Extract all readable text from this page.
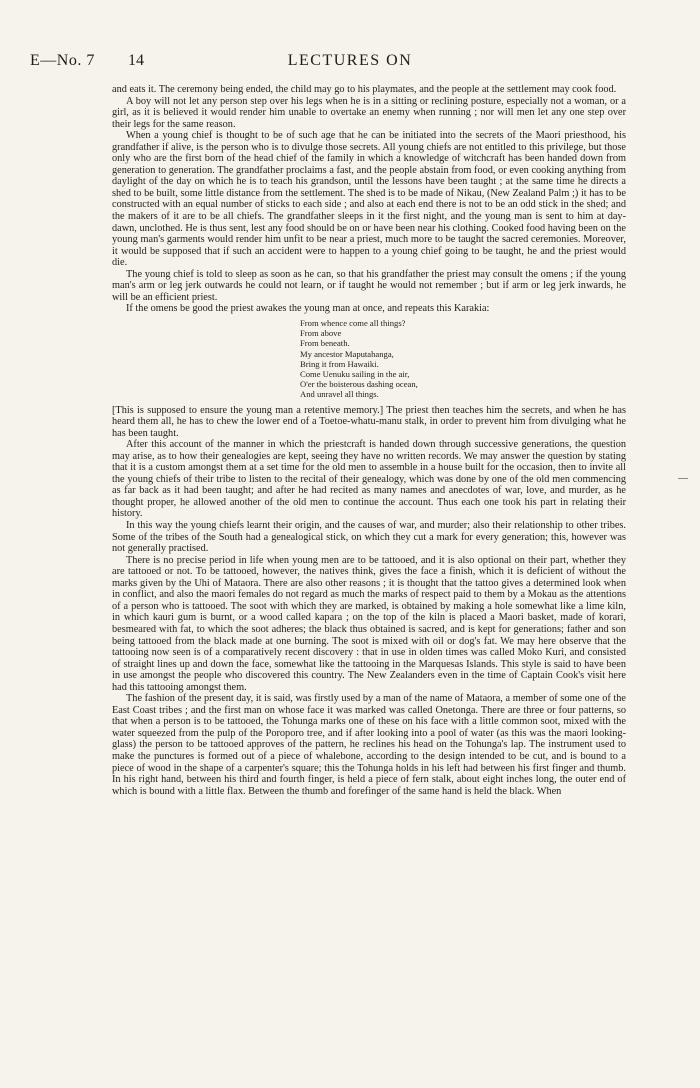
E—No. 7 14	LECTURES ON

and eats it. The ceremony being ended, the child may go to his playmates, and the people at the settlement may cook food.

A boy will not let any person step over his legs when he is in a sitting or reclining posture, especially not a woman, or a girl, as it is believed it would render him unable to overtake an enemy when running ; nor will men let any one step over their legs for the same reason.

When a young chief is thought to be of such age that he can be initiated into the secrets of the Maori priesthood, his grandfather if alive, is the person who is to divulge those secrets. All young chiefs are not entitled to this privilege, but those only who are the first born of the head chief of the family in which a knowledge of witchcraft has been handed down from generation to generation. The grandfather proclaims a fast, and the people abstain from food, or even cooking anything from daylight of the day on which he is to teach his grandson, until the lessons have been taught ; at the same time he directs a shed to be built, some little distance from the settlement. The shed is to be made of Nikau, (New Zealand Palm ;) it has to be constructed with an equal number of sticks to each side ; and also at each end there is not to be an odd stick in the shed; and the makers of it are to be all chiefs. The grandfather sleeps in it the first night, and the young man is sent to him at day-dawn, unclothed. He is thus sent, lest any food should be on or have been near his clothing. Cooked food having been on the young man's garments would render him unfit to be near a priest, much more to be taught the sacred ceremonies. Moreover, it would be supposed that if such an accident were to happen to a young chief going to be taught, he and the priest would die.

The young chief is told to sleep as soon as he can, so that his grandfather the priest may consult the omens ; if the young man's arm or leg jerk outwards he could not learn, or if taught he would not remember ; but if arm or leg jerk inwards, he will be an efficient priest.

If the omens be good the priest awakes the young man at once, and repeats this Karakia:

From whence come all things?
From above
From beneath.
My ancestor Maputahanga,
Bring it from Hawaiki.
Come Uenuku sailing in the air,
O'er the boisterous dashing ocean,
And unravel all things.

[This is supposed to ensure the young man a retentive memory.] The priest then teaches him the secrets, and when he has heard them all, he has to chew the lower end of a Toetoe-whatu-manu stalk, in order to prevent him from divulging what he has been taught.

After this account of the manner in which the priestcraft is handed down through successive generations, the question may arise, as to how their genealogies are kept, seeing they have no written records. We may answer the question by stating that it is a custom amongst them at a set time for the old men to assemble in a house built for the occasion, then to invite all the young chiefs of their tribe to listen to the recital of their genealogy, which was done by one of the old men commencing as far back as it had been taught; and after he had recited as many names and anecdotes of war, love, and murder, as he thought proper, he allowed another of the old men to continue the account. Thus each one took his part in relating their history.

In this way the young chiefs learnt their origin, and the causes of war, and murder; also their relationship to other tribes. Some of the tribes of the South had a genealogical stick, on which they cut a mark for every generation; this, however was not generally practised.

There is no precise period in life when young men are to be tattooed, and it is also optional on their part, whether they are tattooed or not. To be tattooed, however, the natives think, gives the face a finish, which it is deficient of without the marks given by the Uhi of Mataora. There are also other reasons ; it is thought that the tattoo gives a determined look when in conflict, and also the maori females do not regard as much the marks of respect paid to them by a Mokau as the attentions of a person who is tattooed. The soot with which they are marked, is obtained by making a hole somewhat like a lime kiln, in which kauri gum is burnt, or a wood called kapara ; on the top of the kiln is placed a Maori basket, made of korari, besmeared with fat, to which the soot adheres; the black thus obtained is sacred, and is kept for generations; father and son being tattooed from the black made at one burning. The soot is mixed with oil or dog's fat. We may here observe that the tattooing now seen is of a comparatively recent discovery : that in use in olden times was called Moko Kuri, and consisted of straight lines up and down the face, somewhat like the tattooing in the Marquesas Islands. This style is said to have been in use amongst the people who discovered this country. The New Zealanders even in the time of Captain Cook's visit here had this tattooing amongst them.

The fashion of the present day, it is said, was firstly used by a man of the name of Mataora, a member of some one of the East Coast tribes ; and the first man on whose face it was marked was called Onetonga. There are three or four patterns, so that when a person is to be tattooed, the Tohunga marks one of these on his face with a little common soot, mixed with the water squeezed from the pulp of the Poroporo tree, and if after looking into a pool of water (as this was the maori looking-glass) the person to be tattooed approves of the pattern, he reclines his head on the Tohunga's lap. The instrument used to make the punctures is formed out of a piece of whalebone, according to the design intended to be cut, and is bound to a piece of wood in the shape of a carpenter's square; this the Tohunga holds in his left had between his first finger and thumb. In his right hand, between his third and fourth finger, is held a piece of fern stalk, about eight inches long, the outer end of which is bound with a little flax. Between the thumb and forefinger of the same hand is held the black. When
